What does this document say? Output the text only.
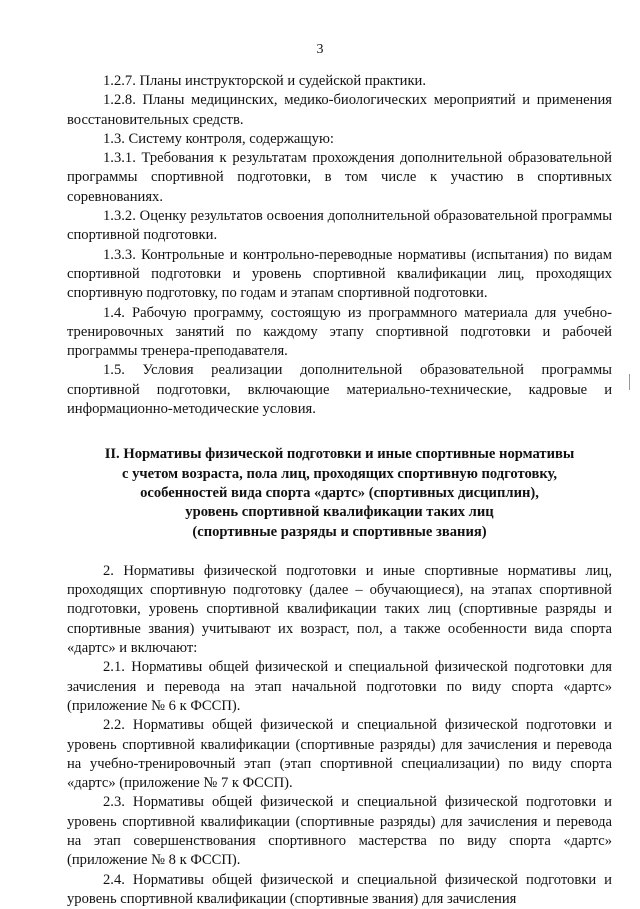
3

1.2.7. Планы инструкторской и судейской практики.

1.2.8. Планы медицинских, медико-биологических мероприятий и применения восстановительных средств.

1.3. Систему контроля, содержащую:

1.3.1. Требования к результатам прохождения дополнительной образовательной программы спортивной подготовки, в том числе к участию в спортивных соревнованиях.

1.3.2. Оценку результатов освоения дополнительной образовательной программы спортивной подготовки.

1.3.3. Контрольные и контрольно-переводные нормативы (испытания) по видам спортивной подготовки и уровень спортивной квалификации лиц, проходящих спортивную подготовку, по годам и этапам спортивной подготовки.

1.4. Рабочую программу, состоящую из программного материала для учебно-тренировочных занятий по каждому этапу спортивной подготовки и рабочей программы тренера-преподавателя.

1.5. Условия реализации дополнительной образовательной программы спортивной подготовки, включающие материально-технические, кадровые и информационно-методические условия.

II. Нормативы физической подготовки и иные спортивные нормативы
с учетом возраста, пола лиц, проходящих спортивную подготовку,
особенностей вида спорта «дартс» (спортивных дисциплин),
уровень спортивной квалификации таких лиц
(спортивные разряды и спортивные звания)

2. Нормативы физической подготовки и иные спортивные нормативы лиц, проходящих спортивную подготовку (далее – обучающиеся), на этапах спортивной подготовки, уровень спортивной квалификации таких лиц (спортивные разряды и спортивные звания) учитывают их возраст, пол, а также особенности вида спорта «дартс» и включают:

2.1. Нормативы общей физической и специальной физической подготовки для зачисления и перевода на этап начальной подготовки по виду спорта «дартс» (приложение № 6 к ФССП).

2.2. Нормативы общей физической и специальной физической подготовки и уровень спортивной квалификации (спортивные разряды) для зачисления и перевода на учебно-тренировочный этап (этап спортивной специализации) по виду спорта «дартс» (приложение № 7 к ФССП).

2.3. Нормативы общей физической и специальной физической подготовки и уровень спортивной квалификации (спортивные разряды) для зачисления и перевода на этап совершенствования спортивного мастерства по виду спорта «дартс» (приложение № 8 к ФССП).

2.4. Нормативы общей физической и специальной физической подготовки и уровень спортивной квалификации (спортивные звания) для зачисления
